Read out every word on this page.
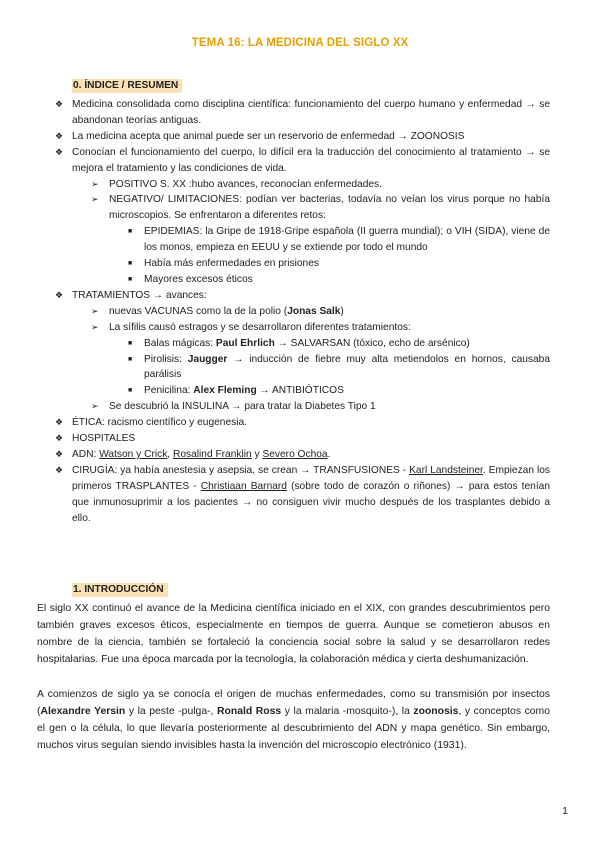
TEMA 16: LA MEDICINA DEL SIGLO XX
0. ÍNDICE / RESUMEN
❖ Medicina consolidada como disciplina científica: funcionamiento del cuerpo humano y enfermedad → se abandonan teorías antiguas.
❖ La medicina acepta que animal puede ser un reservorio de enfermedad → ZOONOSIS
❖ Conocían el funcionamiento del cuerpo, lo difícil era la traducción del conocimiento al tratamiento → se mejora el tratamiento y las condiciones de vida.
➢ POSITIVO S. XX :hubo avances, reconocían enfermedades.
➢ NEGATIVO/ LIMITACIONES: podían ver bacterias, todavía no veían los virus porque no había microscopios. Se enfrentaron a diferentes retos:
■ EPIDEMIAS: la Gripe de 1918-Gripe española (II guerra mundial); o VIH (SIDA), viene de los monos, empieza en EEUU y se extiende por todo el mundo
■ Había más enfermedades en prisiones
■ Mayores excesos éticos
❖ TRATAMIENTOS → avances:
➢ nuevas VACUNAS como la de la polio (Jonas Salk)
➢ La sífilis causó estragos y se desarrollaron diferentes tratamientos:
■ Balas mágicas: Paul Ehrlich → SALVARSAN (tóxico, echo de arsénico)
■ Pirolisis: Jaugger → inducción de fiebre muy alta metiendolos en hornos, causaba parálisis
■ Penicilina: Alex Fleming → ANTIBIÓTICOS
➢ Se descubrió la INSULINA → para tratar la Diabetes Tipo 1
❖ ÉTICA: racismo científico y eugenesia.
❖ HOSPITALES
❖ ADN: Watson y Crick, Rosalind Franklin y Severo Ochoa.
❖ CIRUGÍA: ya había anestesia y asepsia, se crean → TRANSFUSIONES - Karl Landsteiner. Empiezan los primeros TRASPLANTES - Christiaan Barnard (sobre todo de corazón o riñones) → para estos tenían que inmunosuprimir a los pacientes → no consiguen vivir mucho después de los trasplantes debido a ello.
1. INTRODUCCIÓN
El siglo XX continuó el avance de la Medicina científica iniciado en el XIX, con grandes descubrimientos pero también graves excesos éticos, especialmente en tiempos de guerra. Aunque se cometieron abusos en nombre de la ciencia, también se fortaleció la conciencia social sobre la salud y se desarrollaron redes hospitalarias. Fue una época marcada por la tecnología, la colaboración médica y cierta deshumanización.
A comienzos de siglo ya se conocía el origen de muchas enfermedades, como su transmisión por insectos (Alexandre Yersin y la peste -pulga-, Ronald Ross y la malaria -mosquito-), la zoonosis, y conceptos como el gen o la célula, lo que llevaría posteriormente al descubrimiento del ADN y mapa genético. Sin embargo, muchos virus seguían siendo invisibles hasta la invención del microscopio electrónico (1931).
1
